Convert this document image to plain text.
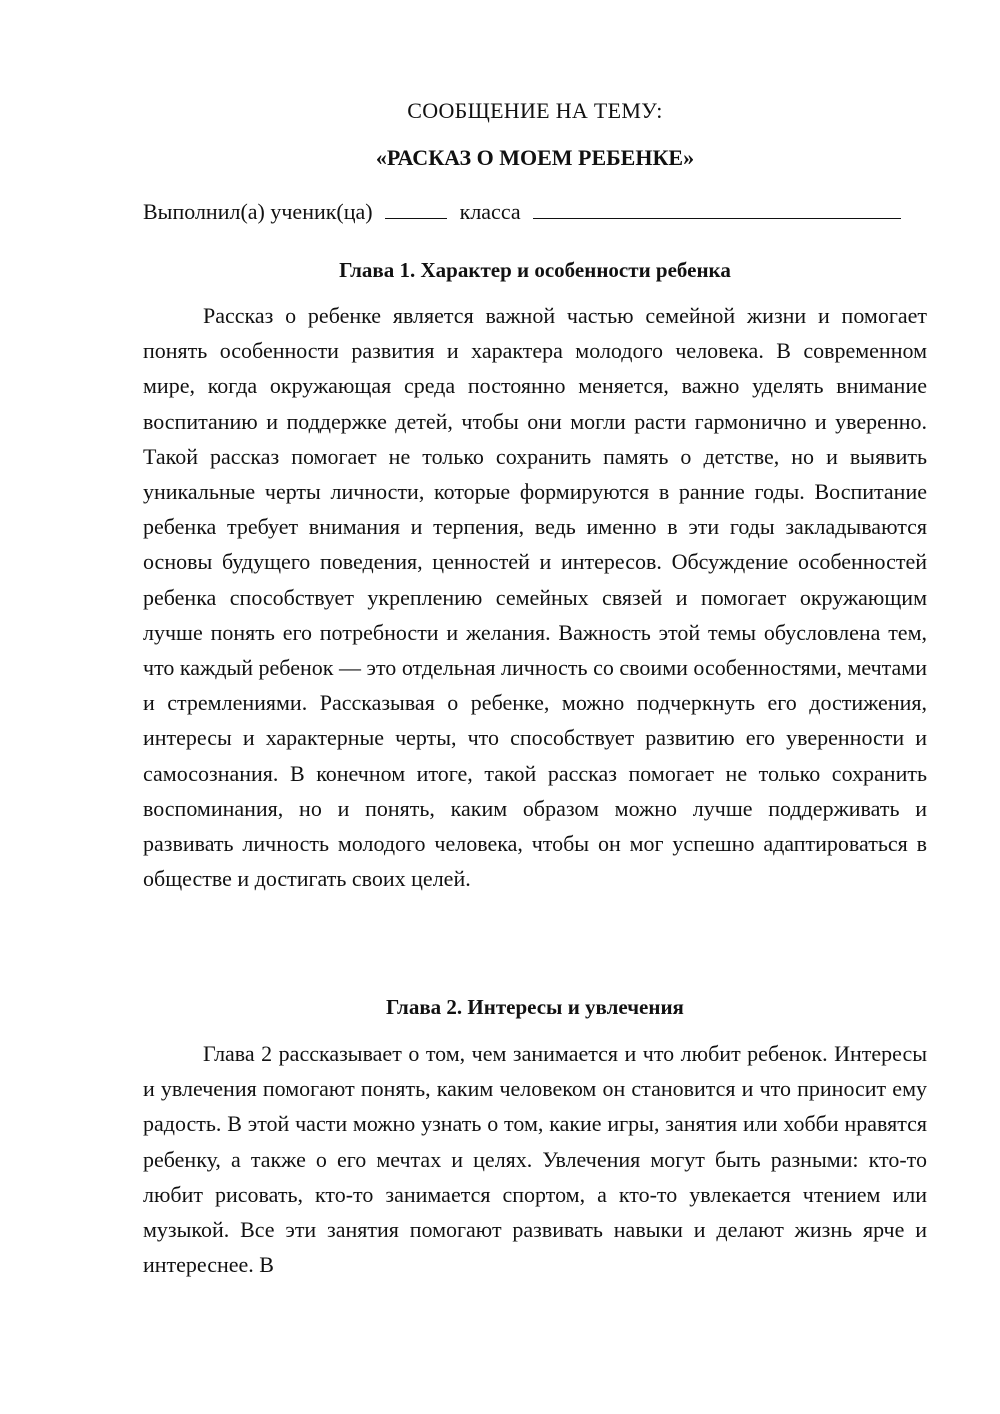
СООБЩЕНИЕ НА ТЕМУ:
«РАСКАЗ О МОЕМ РЕБЕНКЕ»
Выполнил(а) ученик(ца)	класса
Глава 1. Характер и особенности ребенка

Рассказ о ребенке является важной частью семейной жизни и помогает понять особенности развития и характера молодого человека. В современном мире, когда окружающая среда постоянно меняется, важно уделять внимание воспитанию и поддержке детей, чтобы они могли расти гармонично и уверенно. Такой рассказ помогает не только сохранить память о детстве, но и выявить уникальные черты личности, которые формируются в ранние годы. Воспитание ребенка требует внимания и терпения, ведь именно в эти годы закладываются основы будущего поведения, ценностей и интересов. Обсуждение особенностей ребенка способствует укреплению семейных связей и помогает окружающим лучше понять его потребности и желания. Важность этой темы обусловлена тем, что каждый ребенок — это отдельная личность со своими особенностями, мечтами и стремлениями. Рассказывая о ребенке, можно подчеркнуть его достижения, интересы и характерные черты, что способствует развитию его уверенности и самосознания. В конечном итоге, такой рассказ помогает не только сохранить воспоминания, но и понять, каким образом можно лучше поддерживать и развивать личность молодого человека, чтобы он мог успешно адаптироваться в обществе и достигать своих целей.

Глава 2. Интересы и увлечения

Глава 2 рассказывает о том, чем занимается и что любит ребенок. Интересы и увлечения помогают понять, каким человеком он становится и что приносит ему радость. В этой части можно узнать о том, какие игры, занятия или хобби нравятся ребенку, а также о его мечтах и целях. Увлечения могут быть разными: кто-то любит рисовать, кто-то занимается спортом, а кто-то увлекается чтением или музыкой. Все эти занятия помогают развивать навыки и делают жизнь ярче и интереснее. В
